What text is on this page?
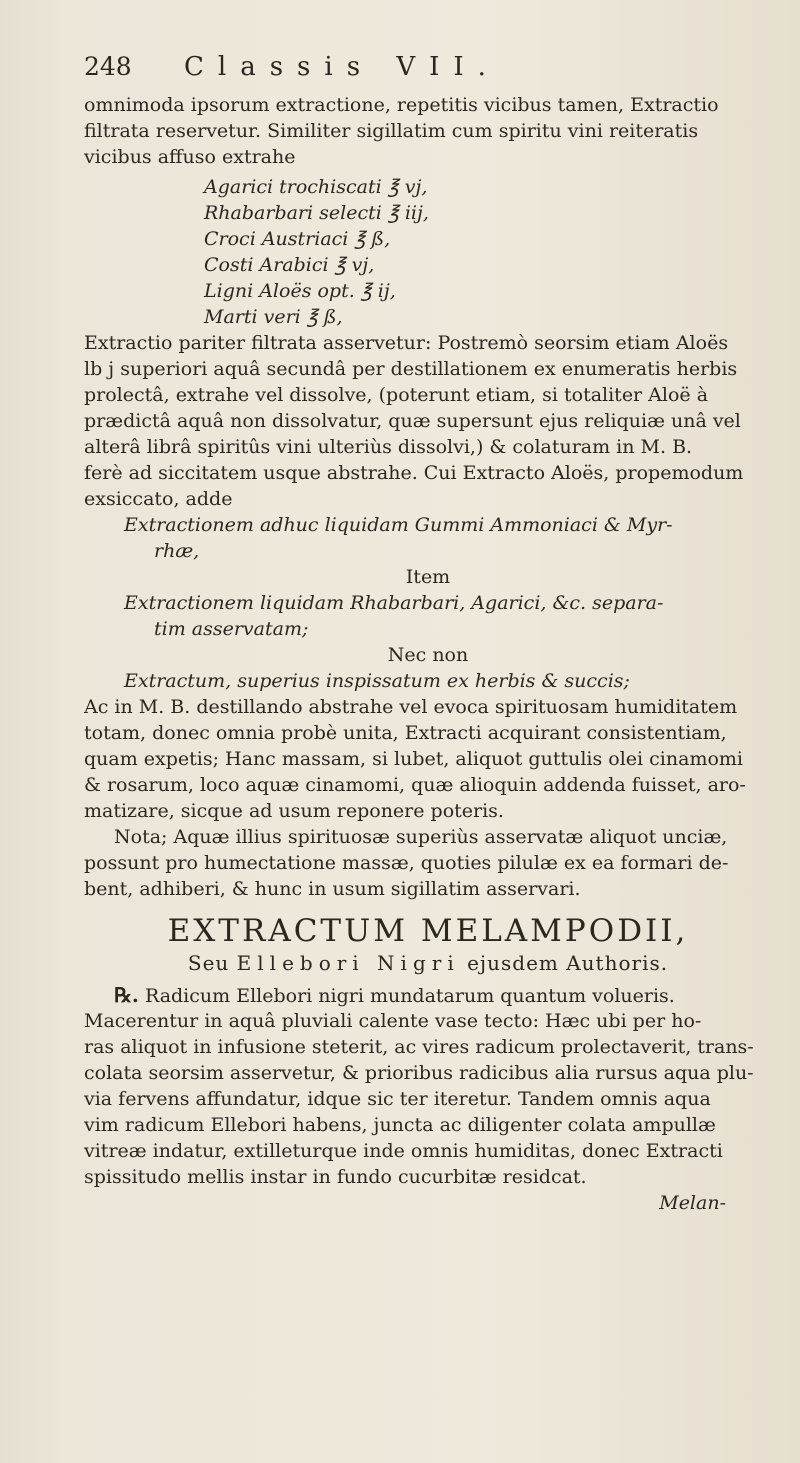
248	Classis VII.
omnimoda ipsorum extractione, repetitis vicibus tamen, Extractio
filtrata reservetur. Similiter sigillatim cum spiritu vini reiteratis
vicibus affuso extrahe
Agarici trochiscati ℥ vj,
Rhabarbari selecti ℥ iij,
Croci Austriaci ℥ ß,
Costi Arabici ℥ vj,
Ligni Aloës opt. ℥ ij,
Marti veri ℥ ß,
Extractio pariter filtrata asservetur: Postremò seorsim etiam Aloës
lb j superiori aquâ secundâ per destillationem ex enumeratis herbis
prolectâ, extrahe vel dissolve, (poterunt etiam, si totaliter Aloë à
prædictâ aquâ non dissolvatur, quæ supersunt ejus reliquiæ unâ vel
alterâ librâ spiritûs vini ulteriùs dissolvi,) & colaturam in M. B.
ferè ad siccitatem usque abstrahe. Cui Extracto Aloës, propemodum
exsiccato, adde
Extractionem adhuc liquidam Gummi Ammoniaci & Myr-
rhæ,
Item
Extractionem liquidam Rhabarbari, Agarici, &c. separa-
tim asservatam;
Nec non
Extractum, superius inspissatum ex herbis & succis;
Ac in M. B. destillando abstrahe vel evoca spirituosam humiditatem
totam, donec omnia probè unita, Extracti acquirant consistentiam,
quam expetis; Hanc massam, si lubet, aliquot guttulis olei cinamomi
& rosarum, loco aquæ cinamomi, quæ alioquin addenda fuisset, aro-
matizare, sicque ad usum reponere poteris.
Nota; Aquæ illius spirituosæ superiùs asservatæ aliquot unciæ,
possunt pro humectatione massæ, quoties pilulæ ex ea formari de-
bent, adhiberi, & hunc in usum sigillatim asservari.
EXTRACTUM MELAMPODII,
Seu Ellebori Nigri ejusdem Authoris.
℞. Radicum Ellebori nigri mundatarum quantum volueris.
Macerentur in aquâ pluviali calente vase tecto: Hæc ubi per ho-
ras aliquot in infusione steterit, ac vires radicum prolectaverit, trans-
colata seorsim asservetur, & prioribus radicibus alia rursus aqua plu-
via fervens affundatur, idque sic ter iteretur. Tandem omnis aqua
vim radicum Ellebori habens, juncta ac diligenter colata ampullæ
vitreæ indatur, extilleturque inde omnis humiditas, donec Extracti
spissitudo mellis instar in fundo cucurbitæ residcat.
Melan-
